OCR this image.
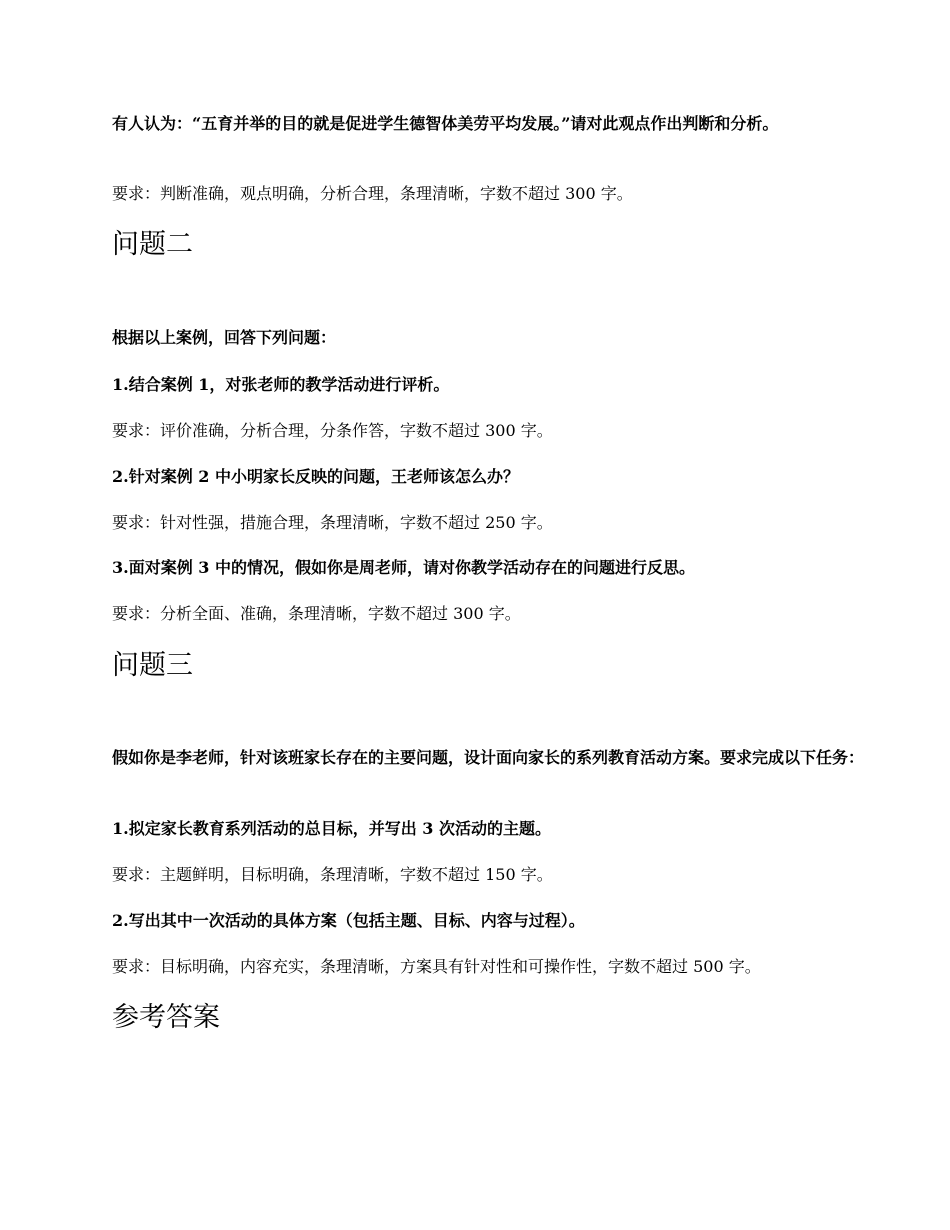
有人认为：“五育并举的目的就是促进学生德智体美劳平均发展。”请对此观点作出判断和分析。

要求：判断准确，观点明确，分析合理，条理清晰，字数不超过 300 字。

问题二

根据以上案例，回答下列问题：

1.结合案例 1，对张老师的教学活动进行评析。

要求：评价准确，分析合理，分条作答，字数不超过 300 字。

2.针对案例 2 中小明家长反映的问题，王老师该怎么办？

要求：针对性强，措施合理，条理清晰，字数不超过 250 字。

3.面对案例 3 中的情况，假如你是周老师，请对你教学活动存在的问题进行反思。

要求：分析全面、准确，条理清晰，字数不超过 300 字。

问题三

假如你是李老师，针对该班家长存在的主要问题，设计面向家长的系列教育活动方案。要求完成以下任务：

1.拟定家长教育系列活动的总目标，并写出 3 次活动的主题。

要求：主题鲜明，目标明确，条理清晰，字数不超过 150 字。

2.写出其中一次活动的具体方案（包括主题、目标、内容与过程）。

要求：目标明确，内容充实，条理清晰，方案具有针对性和可操作性，字数不超过 500 字。

参考答案
